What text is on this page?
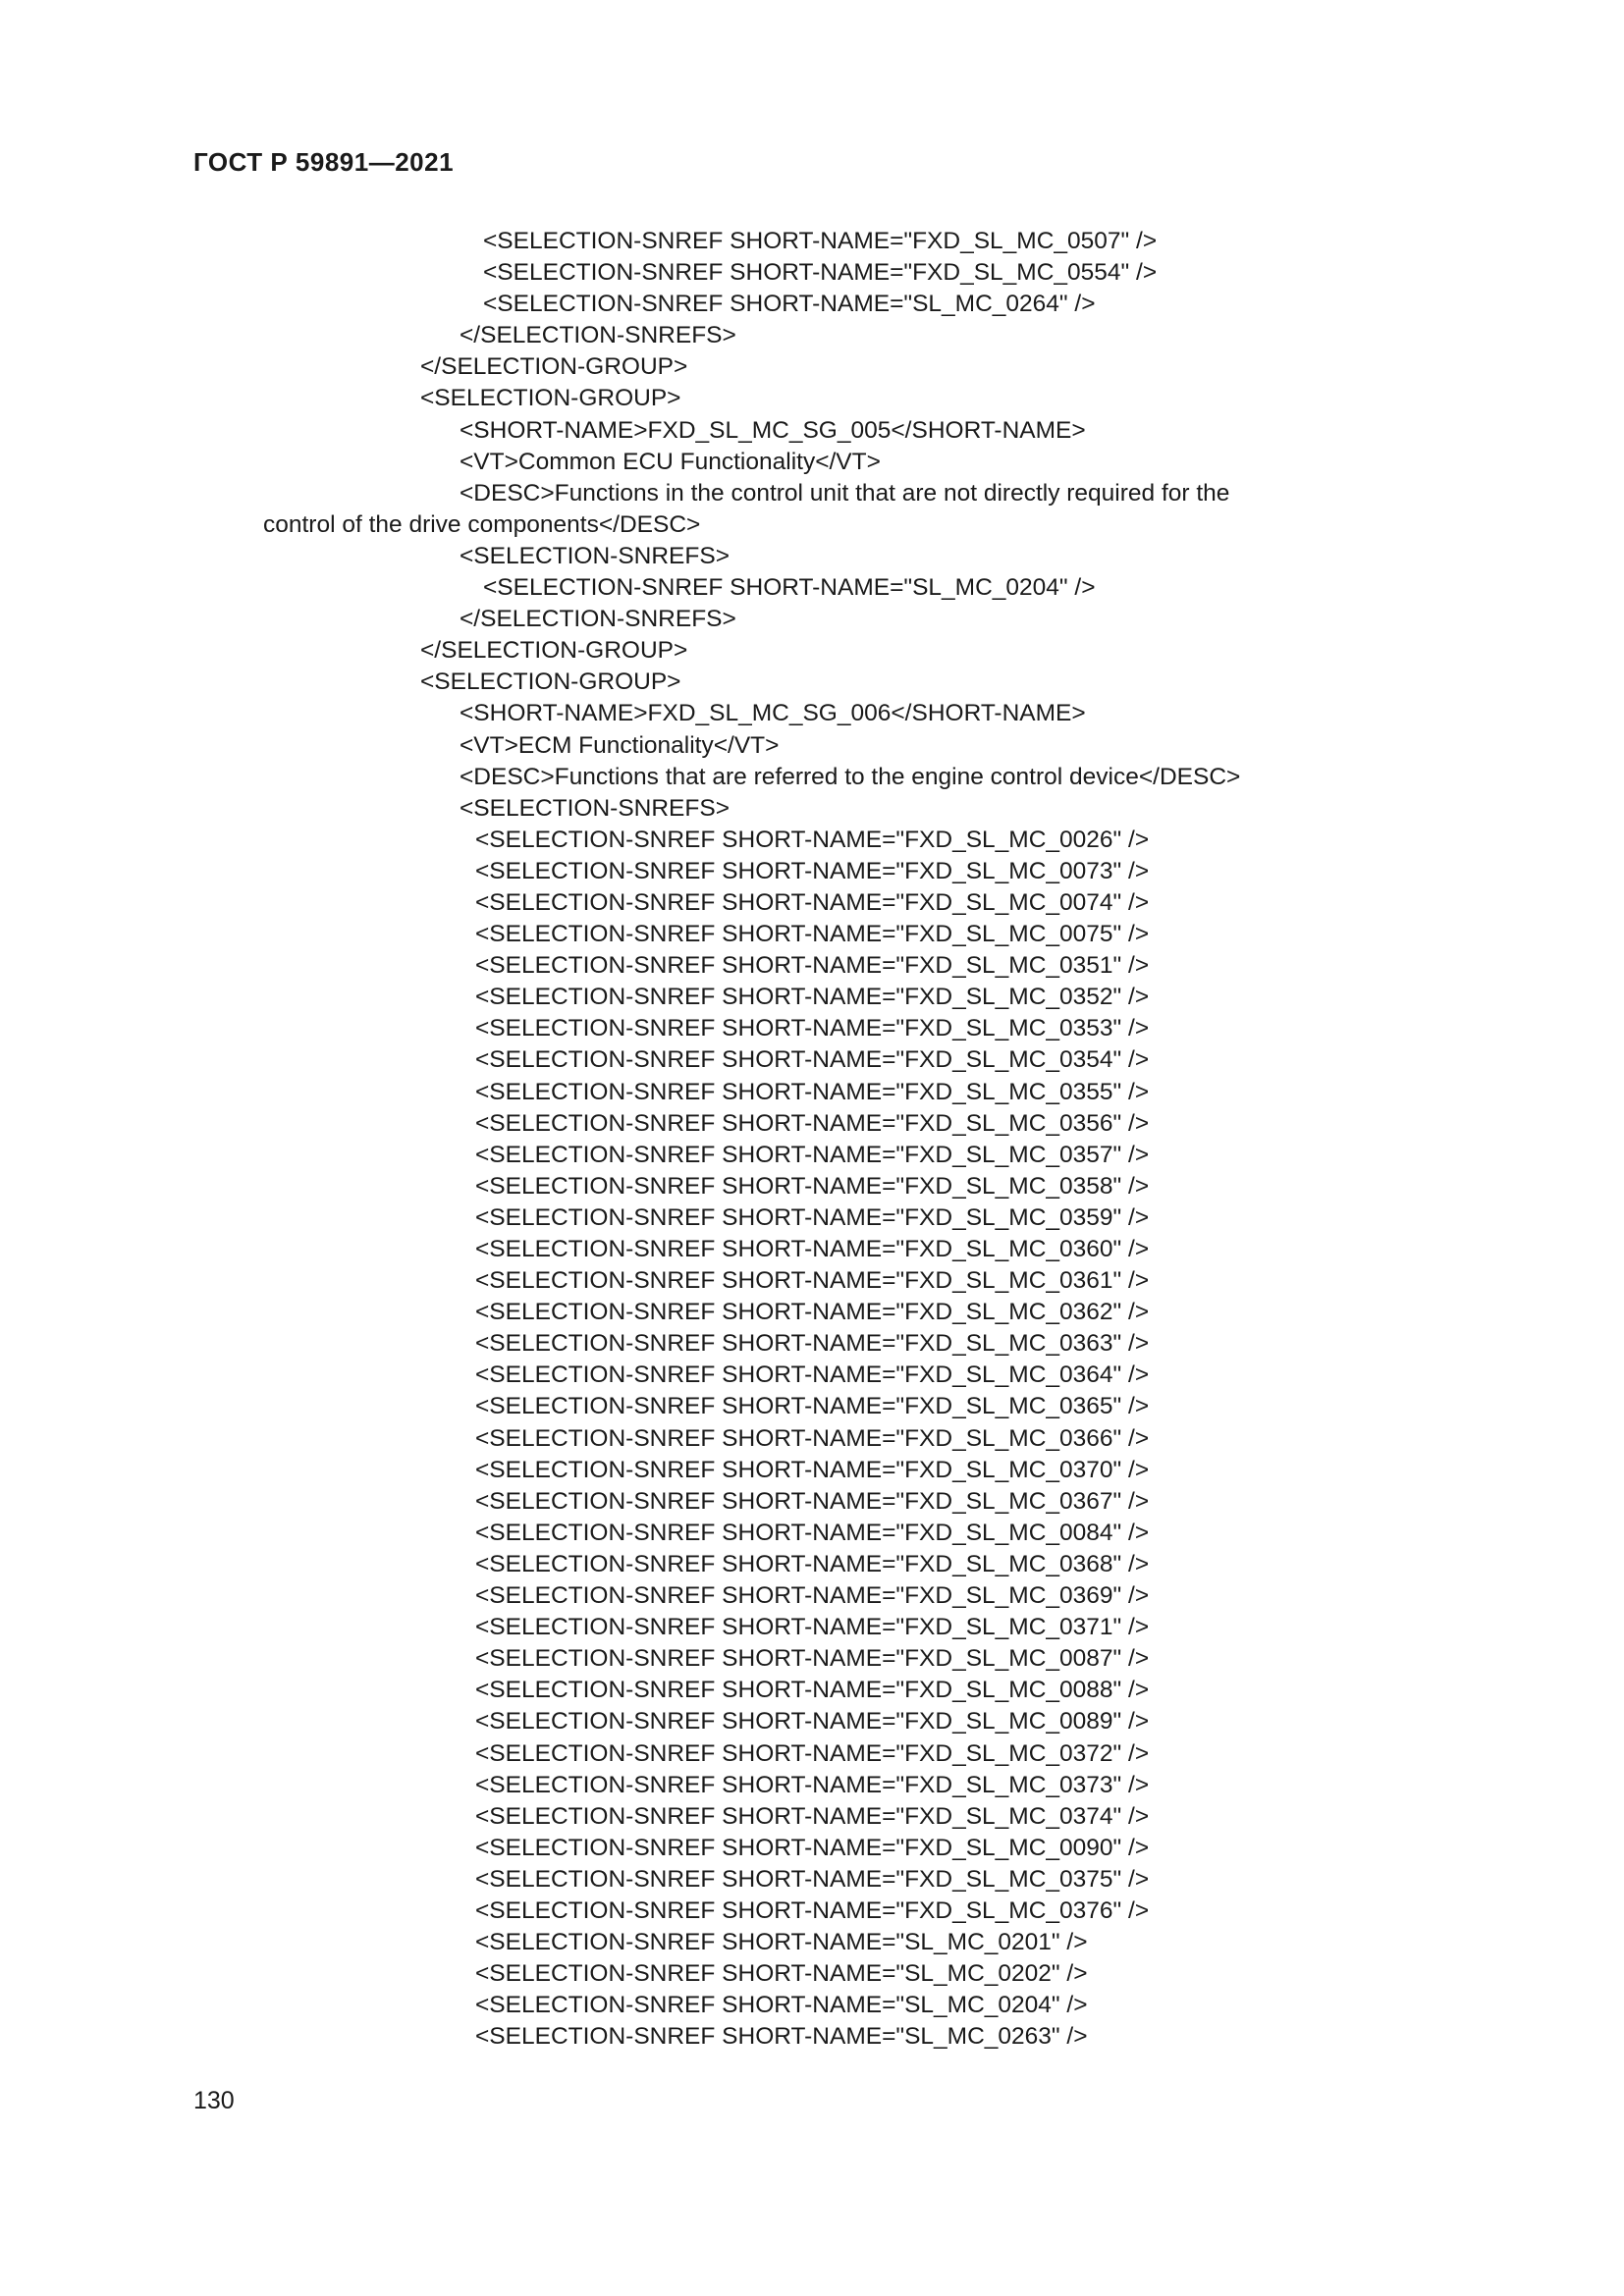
ГОСТ Р 59891—2021
<SELECTION-SNREF SHORT-NAME="FXD_SL_MC_0507" />
<SELECTION-SNREF SHORT-NAME="FXD_SL_MC_0554" />
<SELECTION-SNREF SHORT-NAME="SL_MC_0264" />
</SELECTION-SNREFS>
</SELECTION-GROUP>
<SELECTION-GROUP>
<SHORT-NAME>FXD_SL_MC_SG_005</SHORT-NAME>
<VT>Common ECU Functionality</VT>
<DESC>Functions in the control unit that are not directly required for the
control of the drive components</DESC>
<SELECTION-SNREFS>
<SELECTION-SNREF SHORT-NAME="SL_MC_0204" />
</SELECTION-SNREFS>
</SELECTION-GROUP>
<SELECTION-GROUP>
<SHORT-NAME>FXD_SL_MC_SG_006</SHORT-NAME>
<VT>ECM Functionality</VT>
<DESC>Functions that are referred to the engine control device</DESC>
<SELECTION-SNREFS>
<SELECTION-SNREF SHORT-NAME="FXD_SL_MC_0026" />
<SELECTION-SNREF SHORT-NAME="FXD_SL_MC_0073" />
<SELECTION-SNREF SHORT-NAME="FXD_SL_MC_0074" />
<SELECTION-SNREF SHORT-NAME="FXD_SL_MC_0075" />
<SELECTION-SNREF SHORT-NAME="FXD_SL_MC_0351" />
<SELECTION-SNREF SHORT-NAME="FXD_SL_MC_0352" />
<SELECTION-SNREF SHORT-NAME="FXD_SL_MC_0353" />
<SELECTION-SNREF SHORT-NAME="FXD_SL_MC_0354" />
<SELECTION-SNREF SHORT-NAME="FXD_SL_MC_0355" />
<SELECTION-SNREF SHORT-NAME="FXD_SL_MC_0356" />
<SELECTION-SNREF SHORT-NAME="FXD_SL_MC_0357" />
<SELECTION-SNREF SHORT-NAME="FXD_SL_MC_0358" />
<SELECTION-SNREF SHORT-NAME="FXD_SL_MC_0359" />
<SELECTION-SNREF SHORT-NAME="FXD_SL_MC_0360" />
<SELECTION-SNREF SHORT-NAME="FXD_SL_MC_0361" />
<SELECTION-SNREF SHORT-NAME="FXD_SL_MC_0362" />
<SELECTION-SNREF SHORT-NAME="FXD_SL_MC_0363" />
<SELECTION-SNREF SHORT-NAME="FXD_SL_MC_0364" />
<SELECTION-SNREF SHORT-NAME="FXD_SL_MC_0365" />
<SELECTION-SNREF SHORT-NAME="FXD_SL_MC_0366" />
<SELECTION-SNREF SHORT-NAME="FXD_SL_MC_0370" />
<SELECTION-SNREF SHORT-NAME="FXD_SL_MC_0367" />
<SELECTION-SNREF SHORT-NAME="FXD_SL_MC_0084" />
<SELECTION-SNREF SHORT-NAME="FXD_SL_MC_0368" />
<SELECTION-SNREF SHORT-NAME="FXD_SL_MC_0369" />
<SELECTION-SNREF SHORT-NAME="FXD_SL_MC_0371" />
<SELECTION-SNREF SHORT-NAME="FXD_SL_MC_0087" />
<SELECTION-SNREF SHORT-NAME="FXD_SL_MC_0088" />
<SELECTION-SNREF SHORT-NAME="FXD_SL_MC_0089" />
<SELECTION-SNREF SHORT-NAME="FXD_SL_MC_0372" />
<SELECTION-SNREF SHORT-NAME="FXD_SL_MC_0373" />
<SELECTION-SNREF SHORT-NAME="FXD_SL_MC_0374" />
<SELECTION-SNREF SHORT-NAME="FXD_SL_MC_0090" />
<SELECTION-SNREF SHORT-NAME="FXD_SL_MC_0375" />
<SELECTION-SNREF SHORT-NAME="FXD_SL_MC_0376" />
<SELECTION-SNREF SHORT-NAME="SL_MC_0201" />
<SELECTION-SNREF SHORT-NAME="SL_MC_0202" />
<SELECTION-SNREF SHORT-NAME="SL_MC_0204" />
<SELECTION-SNREF SHORT-NAME="SL_MC_0263" />
130
